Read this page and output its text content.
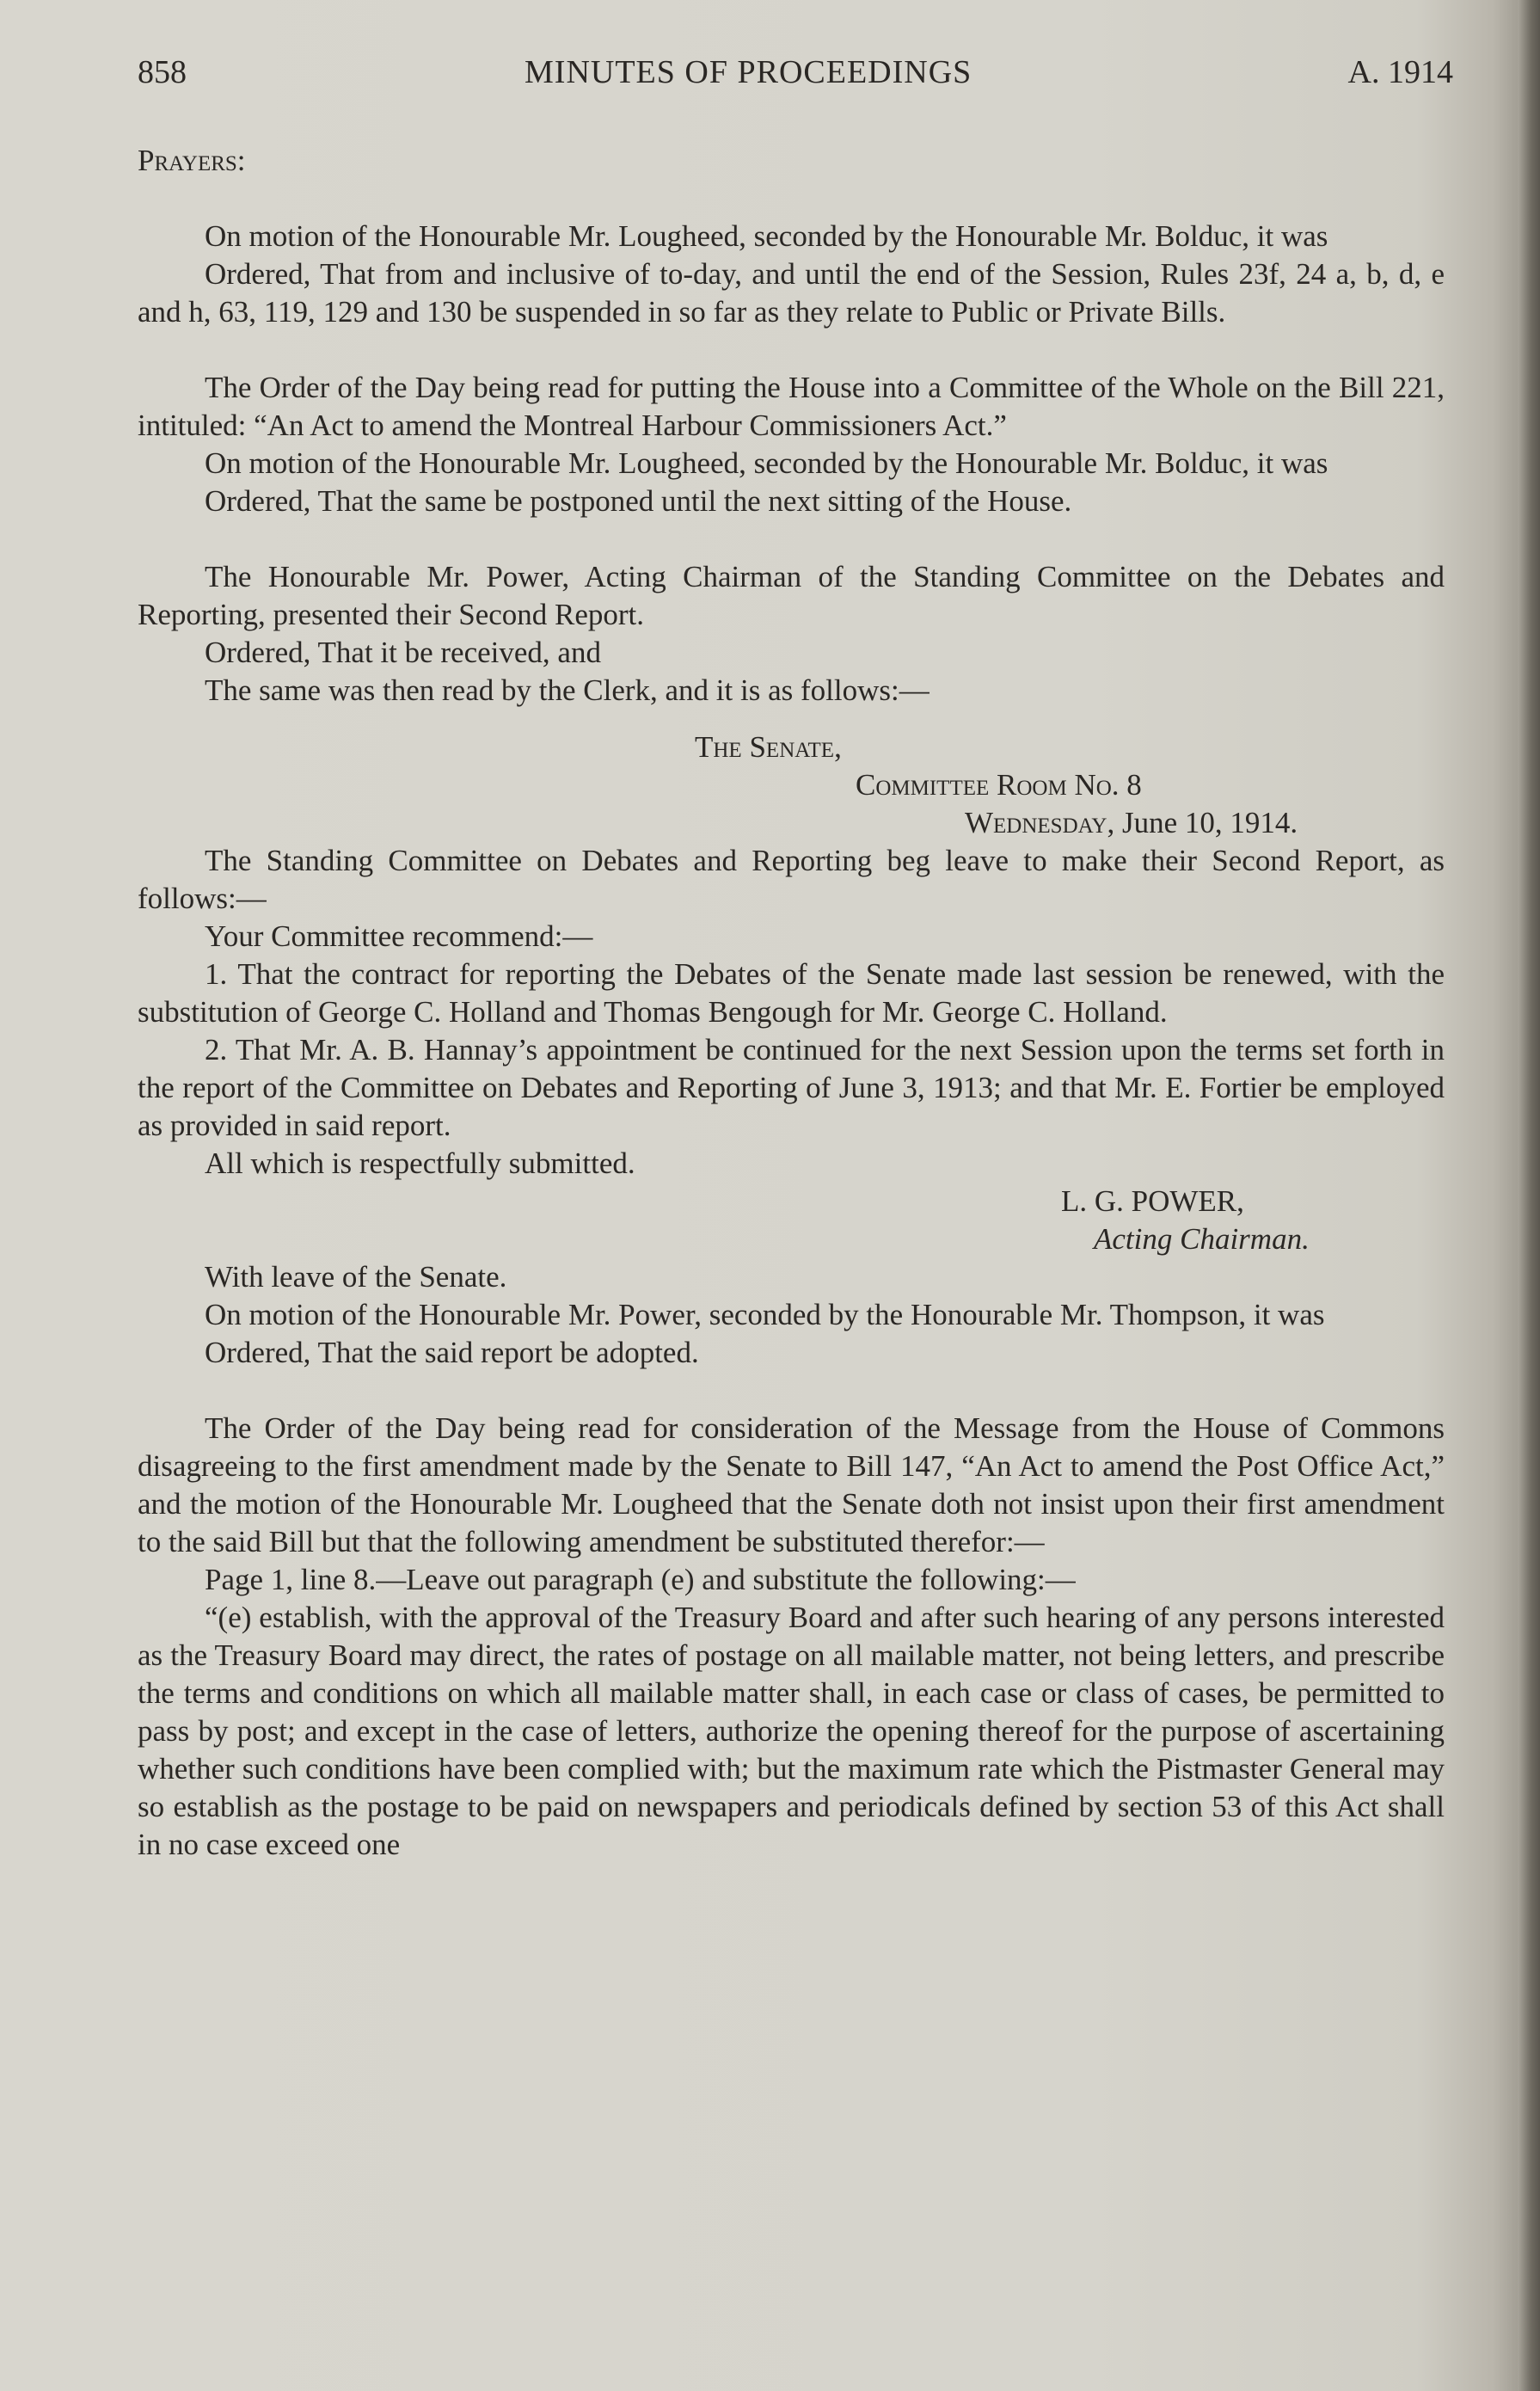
858	MINUTES OF PROCEEDINGS	A. 1914

Prayers:

On motion of the Honourable Mr. Lougheed, seconded by the Honourable Mr. Bolduc, it was

Ordered, That from and inclusive of to-day, and until the end of the Session, Rules 23f, 24 a, b, d, e and h, 63, 119, 129 and 130 be suspended in so far as they relate to Public or Private Bills.

The Order of the Day being read for putting the House into a Committee of the Whole on the Bill 221, intituled: “An Act to amend the Montreal Harbour Commissioners Act.”

On motion of the Honourable Mr. Lougheed, seconded by the Honourable Mr. Bolduc, it was

Ordered, That the same be postponed until the next sitting of the House.

The Honourable Mr. Power, Acting Chairman of the Standing Committee on the Debates and Reporting, presented their Second Report.

Ordered, That it be received, and

The same was then read by the Clerk, and it is as follows:—

The Senate,

Committee Room No. 8

Wednesday, June 10, 1914.

The Standing Committee on Debates and Reporting beg leave to make their Second Report, as follows:—

Your Committee recommend:—

1. That the contract for reporting the Debates of the Senate made last session be renewed, with the substitution of George C. Holland and Thomas Bengough for Mr. George C. Holland.

2. That Mr. A. B. Hannay’s appointment be continued for the next Session upon the terms set forth in the report of the Committee on Debates and Reporting of June 3, 1913; and that Mr. E. Fortier be employed as provided in said report.

All which is respectfully submitted.

L. G. POWER,

Acting Chairman.

With leave of the Senate.

On motion of the Honourable Mr. Power, seconded by the Honourable Mr. Thompson, it was

Ordered, That the said report be adopted.

The Order of the Day being read for consideration of the Message from the House of Commons disagreeing to the first amendment made by the Senate to Bill 147, “An Act to amend the Post Office Act,” and the motion of the Honourable Mr. Lougheed that the Senate doth not insist upon their first amendment to the said Bill but that the following amendment be substituted therefor:—

Page 1, line 8.—Leave out paragraph (e) and substitute the following:—

“(e) establish, with the approval of the Treasury Board and after such hearing of any persons interested as the Treasury Board may direct, the rates of postage on all mailable matter, not being letters, and prescribe the terms and conditions on which all mailable matter shall, in each case or class of cases, be permitted to pass by post; and except in the case of letters, authorize the opening thereof for the purpose of ascertaining whether such conditions have been complied with; but the maximum rate which the Pistmaster General may so establish as the postage to be paid on newspapers and periodicals defined by section 53 of this Act shall in no case exceed one
